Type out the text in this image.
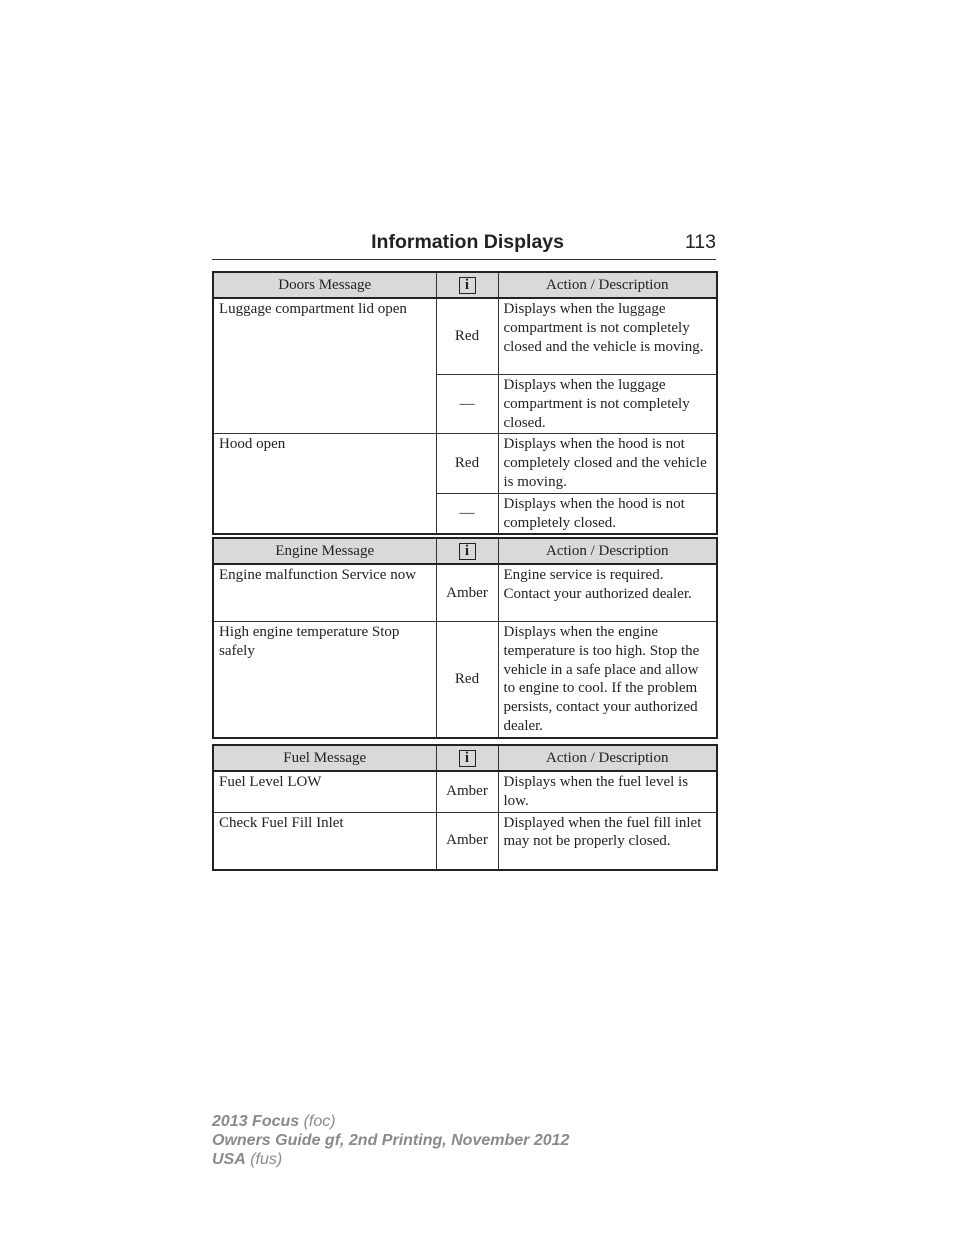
Information Displays	113
Doors Message	i	Action / Description
Luggage compartment lid open	Red	Displays when the luggage compartment is not completely closed and the vehicle is moving.
	—	Displays when the luggage compartment is not completely closed.
Hood open	Red	Displays when the hood is not completely closed and the vehicle is moving.
	—	Displays when the hood is not completely closed.
Engine Message	i	Action / Description
Engine malfunction Service now	Amber	Engine service is required. Contact your authorized dealer.
High engine temperature Stop safely	Red	Displays when the engine temperature is too high. Stop the vehicle in a safe place and allow to engine to cool. If the problem persists, contact your authorized dealer.
Fuel Message	i	Action / Description
Fuel Level LOW	Amber	Displays when the fuel level is low.
Check Fuel Fill Inlet	Amber	Displayed when the fuel fill inlet may not be properly closed.
2013 Focus (foc)
Owners Guide gf, 2nd Printing, November 2012
USA (fus)
